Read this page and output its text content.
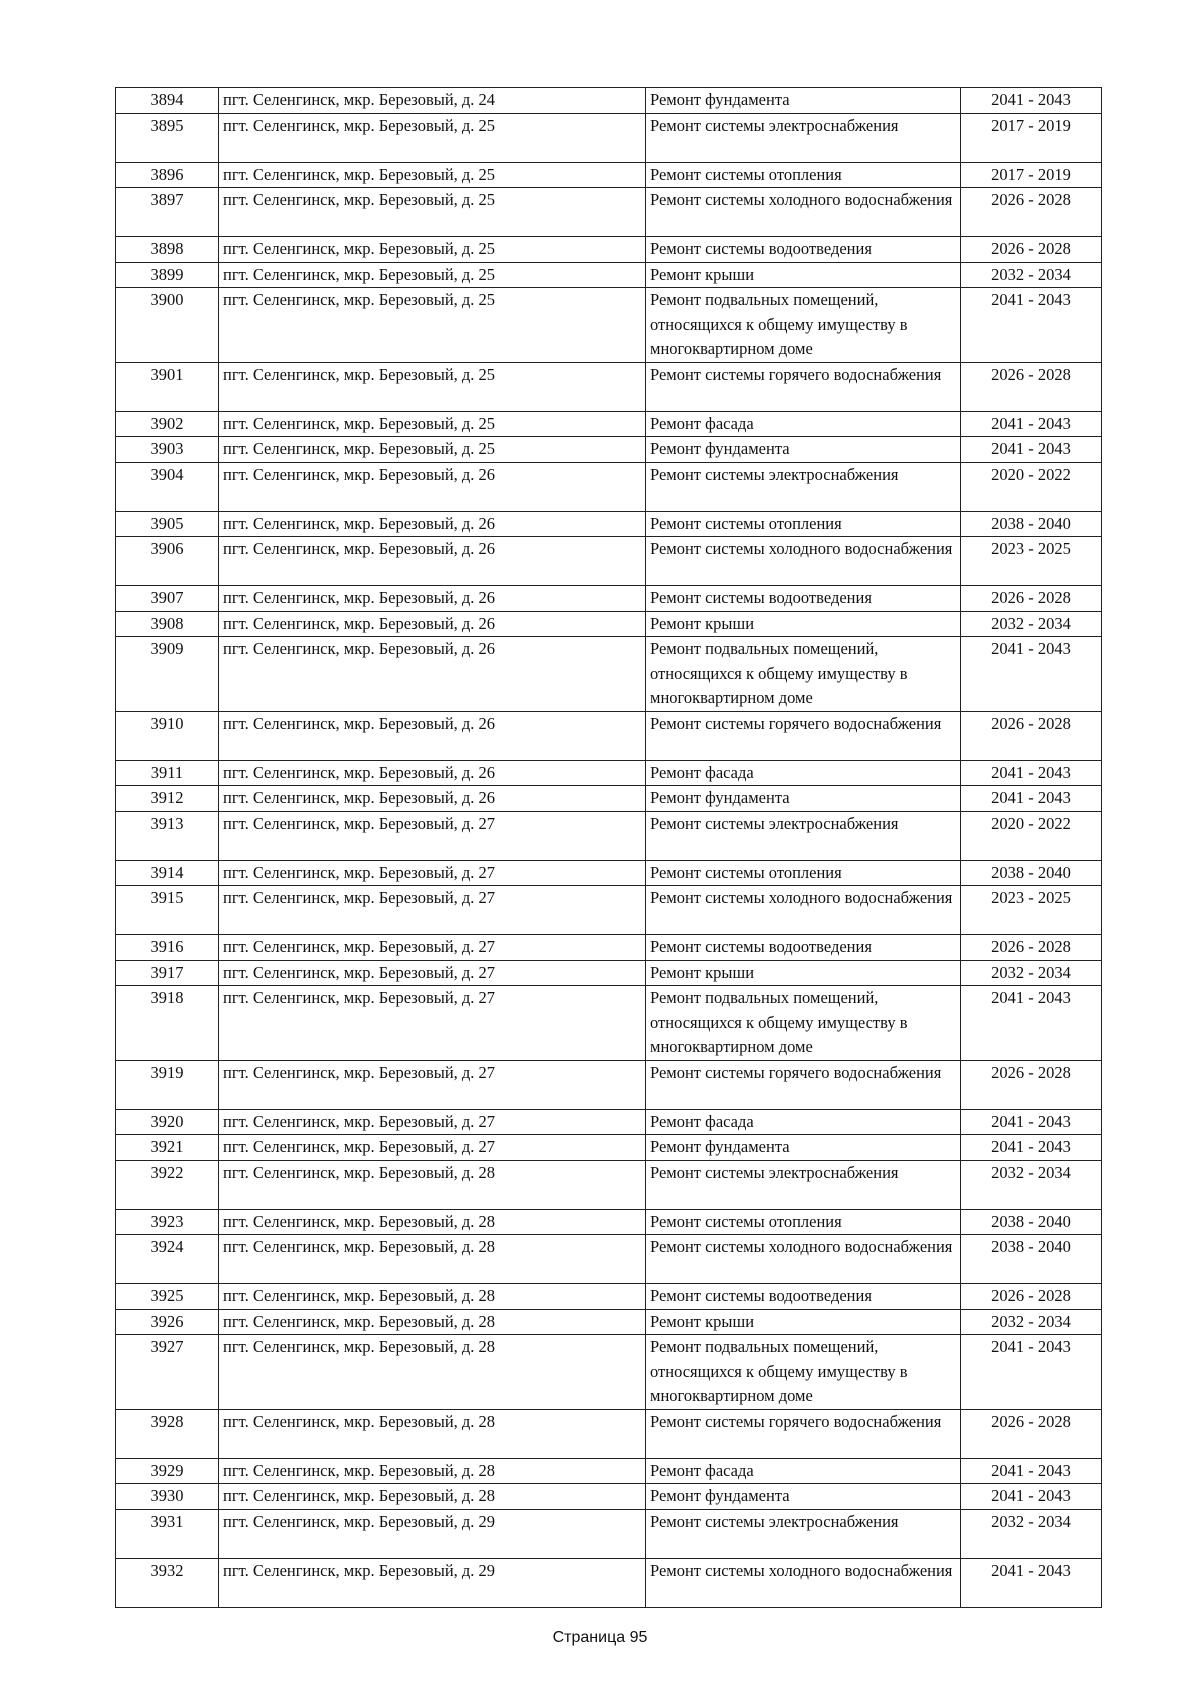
3894	пгт. Селенгинск, мкр. Березовый, д. 24	Ремонт фундамента	2041 - 2043
3895	пгт. Селенгинск, мкр. Березовый, д. 25	Ремонт системы электроснабжения	2017 - 2019
3896	пгт. Селенгинск, мкр. Березовый, д. 25	Ремонт системы отопления	2017 - 2019
3897	пгт. Селенгинск, мкр. Березовый, д. 25	Ремонт системы холодного водоснабжения	2026 - 2028
3898	пгт. Селенгинск, мкр. Березовый, д. 25	Ремонт системы водоотведения	2026 - 2028
3899	пгт. Селенгинск, мкр. Березовый, д. 25	Ремонт крыши	2032 - 2034
3900	пгт. Селенгинск, мкр. Березовый, д. 25	Ремонт подвальных помещений, относящихся к общему имуществу в многоквартирном доме	2041 - 2043
3901	пгт. Селенгинск, мкр. Березовый, д. 25	Ремонт системы горячего водоснабжения	2026 - 2028
3902	пгт. Селенгинск, мкр. Березовый, д. 25	Ремонт фасада	2041 - 2043
3903	пгт. Селенгинск, мкр. Березовый, д. 25	Ремонт фундамента	2041 - 2043
3904	пгт. Селенгинск, мкр. Березовый, д. 26	Ремонт системы электроснабжения	2020 - 2022
3905	пгт. Селенгинск, мкр. Березовый, д. 26	Ремонт системы отопления	2038 - 2040
3906	пгт. Селенгинск, мкр. Березовый, д. 26	Ремонт системы холодного водоснабжения	2023 - 2025
3907	пгт. Селенгинск, мкр. Березовый, д. 26	Ремонт системы водоотведения	2026 - 2028
3908	пгт. Селенгинск, мкр. Березовый, д. 26	Ремонт крыши	2032 - 2034
3909	пгт. Селенгинск, мкр. Березовый, д. 26	Ремонт подвальных помещений, относящихся к общему имуществу в многоквартирном доме	2041 - 2043
3910	пгт. Селенгинск, мкр. Березовый, д. 26	Ремонт системы горячего водоснабжения	2026 - 2028
3911	пгт. Селенгинск, мкр. Березовый, д. 26	Ремонт фасада	2041 - 2043
3912	пгт. Селенгинск, мкр. Березовый, д. 26	Ремонт фундамента	2041 - 2043
3913	пгт. Селенгинск, мкр. Березовый, д. 27	Ремонт системы электроснабжения	2020 - 2022
3914	пгт. Селенгинск, мкр. Березовый, д. 27	Ремонт системы отопления	2038 - 2040
3915	пгт. Селенгинск, мкр. Березовый, д. 27	Ремонт системы холодного водоснабжения	2023 - 2025
3916	пгт. Селенгинск, мкр. Березовый, д. 27	Ремонт системы водоотведения	2026 - 2028
3917	пгт. Селенгинск, мкр. Березовый, д. 27	Ремонт крыши	2032 - 2034
3918	пгт. Селенгинск, мкр. Березовый, д. 27	Ремонт подвальных помещений, относящихся к общему имуществу в многоквартирном доме	2041 - 2043
3919	пгт. Селенгинск, мкр. Березовый, д. 27	Ремонт системы горячего водоснабжения	2026 - 2028
3920	пгт. Селенгинск, мкр. Березовый, д. 27	Ремонт фасада	2041 - 2043
3921	пгт. Селенгинск, мкр. Березовый, д. 27	Ремонт фундамента	2041 - 2043
3922	пгт. Селенгинск, мкр. Березовый, д. 28	Ремонт системы электроснабжения	2032 - 2034
3923	пгт. Селенгинск, мкр. Березовый, д. 28	Ремонт системы отопления	2038 - 2040
3924	пгт. Селенгинск, мкр. Березовый, д. 28	Ремонт системы холодного водоснабжения	2038 - 2040
3925	пгт. Селенгинск, мкр. Березовый, д. 28	Ремонт системы водоотведения	2026 - 2028
3926	пгт. Селенгинск, мкр. Березовый, д. 28	Ремонт крыши	2032 - 2034
3927	пгт. Селенгинск, мкр. Березовый, д. 28	Ремонт подвальных помещений, относящихся к общему имуществу в многоквартирном доме	2041 - 2043
3928	пгт. Селенгинск, мкр. Березовый, д. 28	Ремонт системы горячего водоснабжения	2026 - 2028
3929	пгт. Селенгинск, мкр. Березовый, д. 28	Ремонт фасада	2041 - 2043
3930	пгт. Селенгинск, мкр. Березовый, д. 28	Ремонт фундамента	2041 - 2043
3931	пгт. Селенгинск, мкр. Березовый, д. 29	Ремонт системы электроснабжения	2032 - 2034
3932	пгт. Селенгинск, мкр. Березовый, д. 29	Ремонт системы холодного водоснабжения	2041 - 2043
Страница 95
